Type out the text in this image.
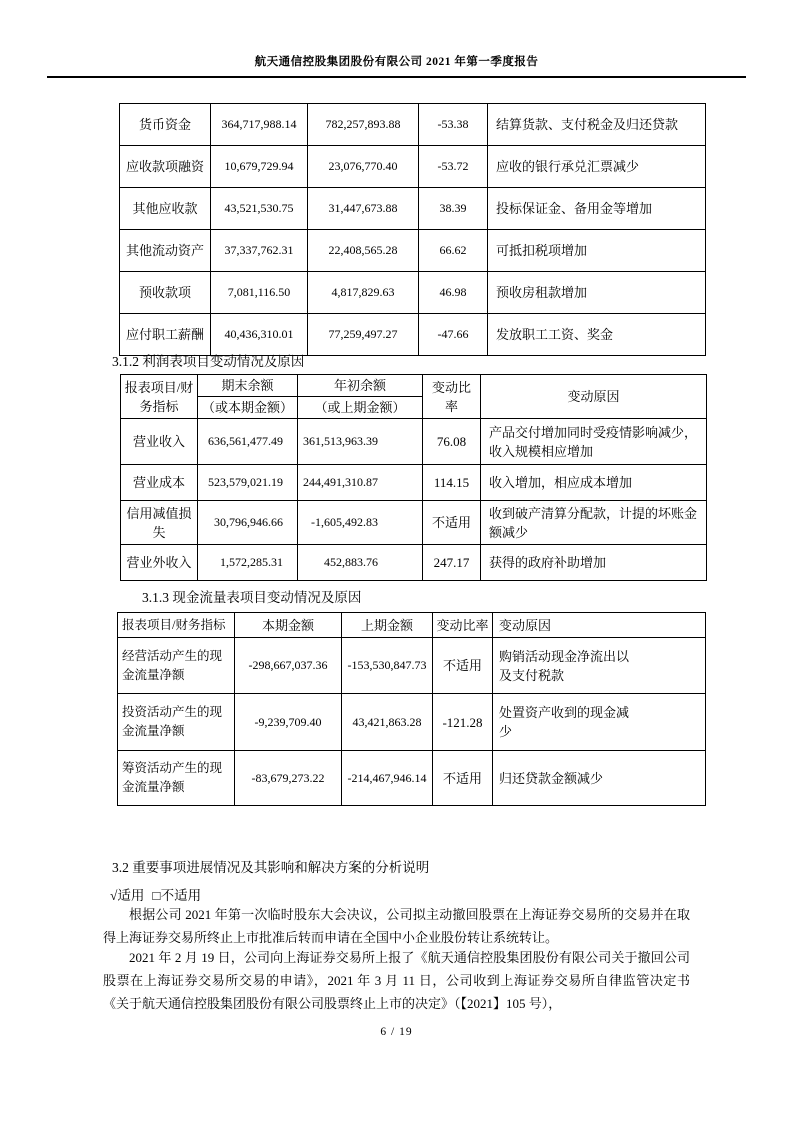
航天通信控股集团股份有限公司 2021 年第一季度报告
货币资金	364,717,988.14	782,257,893.88	-53.38	结算货款、支付税金及归还贷款
应收款项融资	10,679,729.94	23,076,770.40	-53.72	应收的银行承兑汇票减少
其他应收款	43,521,530.75	31,447,673.88	38.39	投标保证金、备用金等增加
其他流动资产	37,337,762.31	22,408,565.28	66.62	可抵扣税项增加
预收款项	7,081,116.50	4,817,829.63	46.98	预收房租款增加
应付职工薪酬	40,436,310.01	77,259,497.27	-47.66	发放职工工资、奖金
3.1.2 利润表项目变动情况及原因
报表项目/财务指标	期末余额	年初余额	变动比率	变动原因
	（或本期金额）	（或上期金额）		
营业收入	636,561,477.49	361,513,963.39	76.08	产品交付增加同时受疫情影响减少，收入规模相应增加
营业成本	523,579,021.19	244,491,310.87	114.15	收入增加，相应成本增加
信用减值损失	30,796,946.66	-1,605,492.83	不适用	收到破产清算分配款，计提的坏账金额减少
营业外收入	1,572,285.31	452,883.76	247.17	获得的政府补助增加
3.1.3 现金流量表项目变动情况及原因
报表项目/财务指标	本期金额	上期金额	变动比率	变动原因
经营活动产生的现金流量净额	-298,667,037.36	-153,530,847.73	不适用	购销活动现金净流出以及支付税款
投资活动产生的现金流量净额	-9,239,709.40	43,421,863.28	-121.28	处置资产收到的现金减少
筹资活动产生的现金流量净额	-83,679,273.22	-214,467,946.14	不适用	归还贷款金额减少
3.2 重要事项进展情况及其影响和解决方案的分析说明
√适用 □不适用
根据公司 2021 年第一次临时股东大会决议，公司拟主动撤回股票在上海证券交易所的交易并在取得上海证券交易所终止上市批准后转而申请在全国中小企业股份转让系统转让。
2021 年 2 月 19 日，公司向上海证券交易所上报了《航天通信控股集团股份有限公司关于撤回公司股票在上海证券交易所交易的申请》，2021 年 3 月 11 日，公司收到上海证券交易所自律监管决定书《关于航天通信控股集团股份有限公司股票终止上市的决定》（【2021】105 号），
6 / 19
